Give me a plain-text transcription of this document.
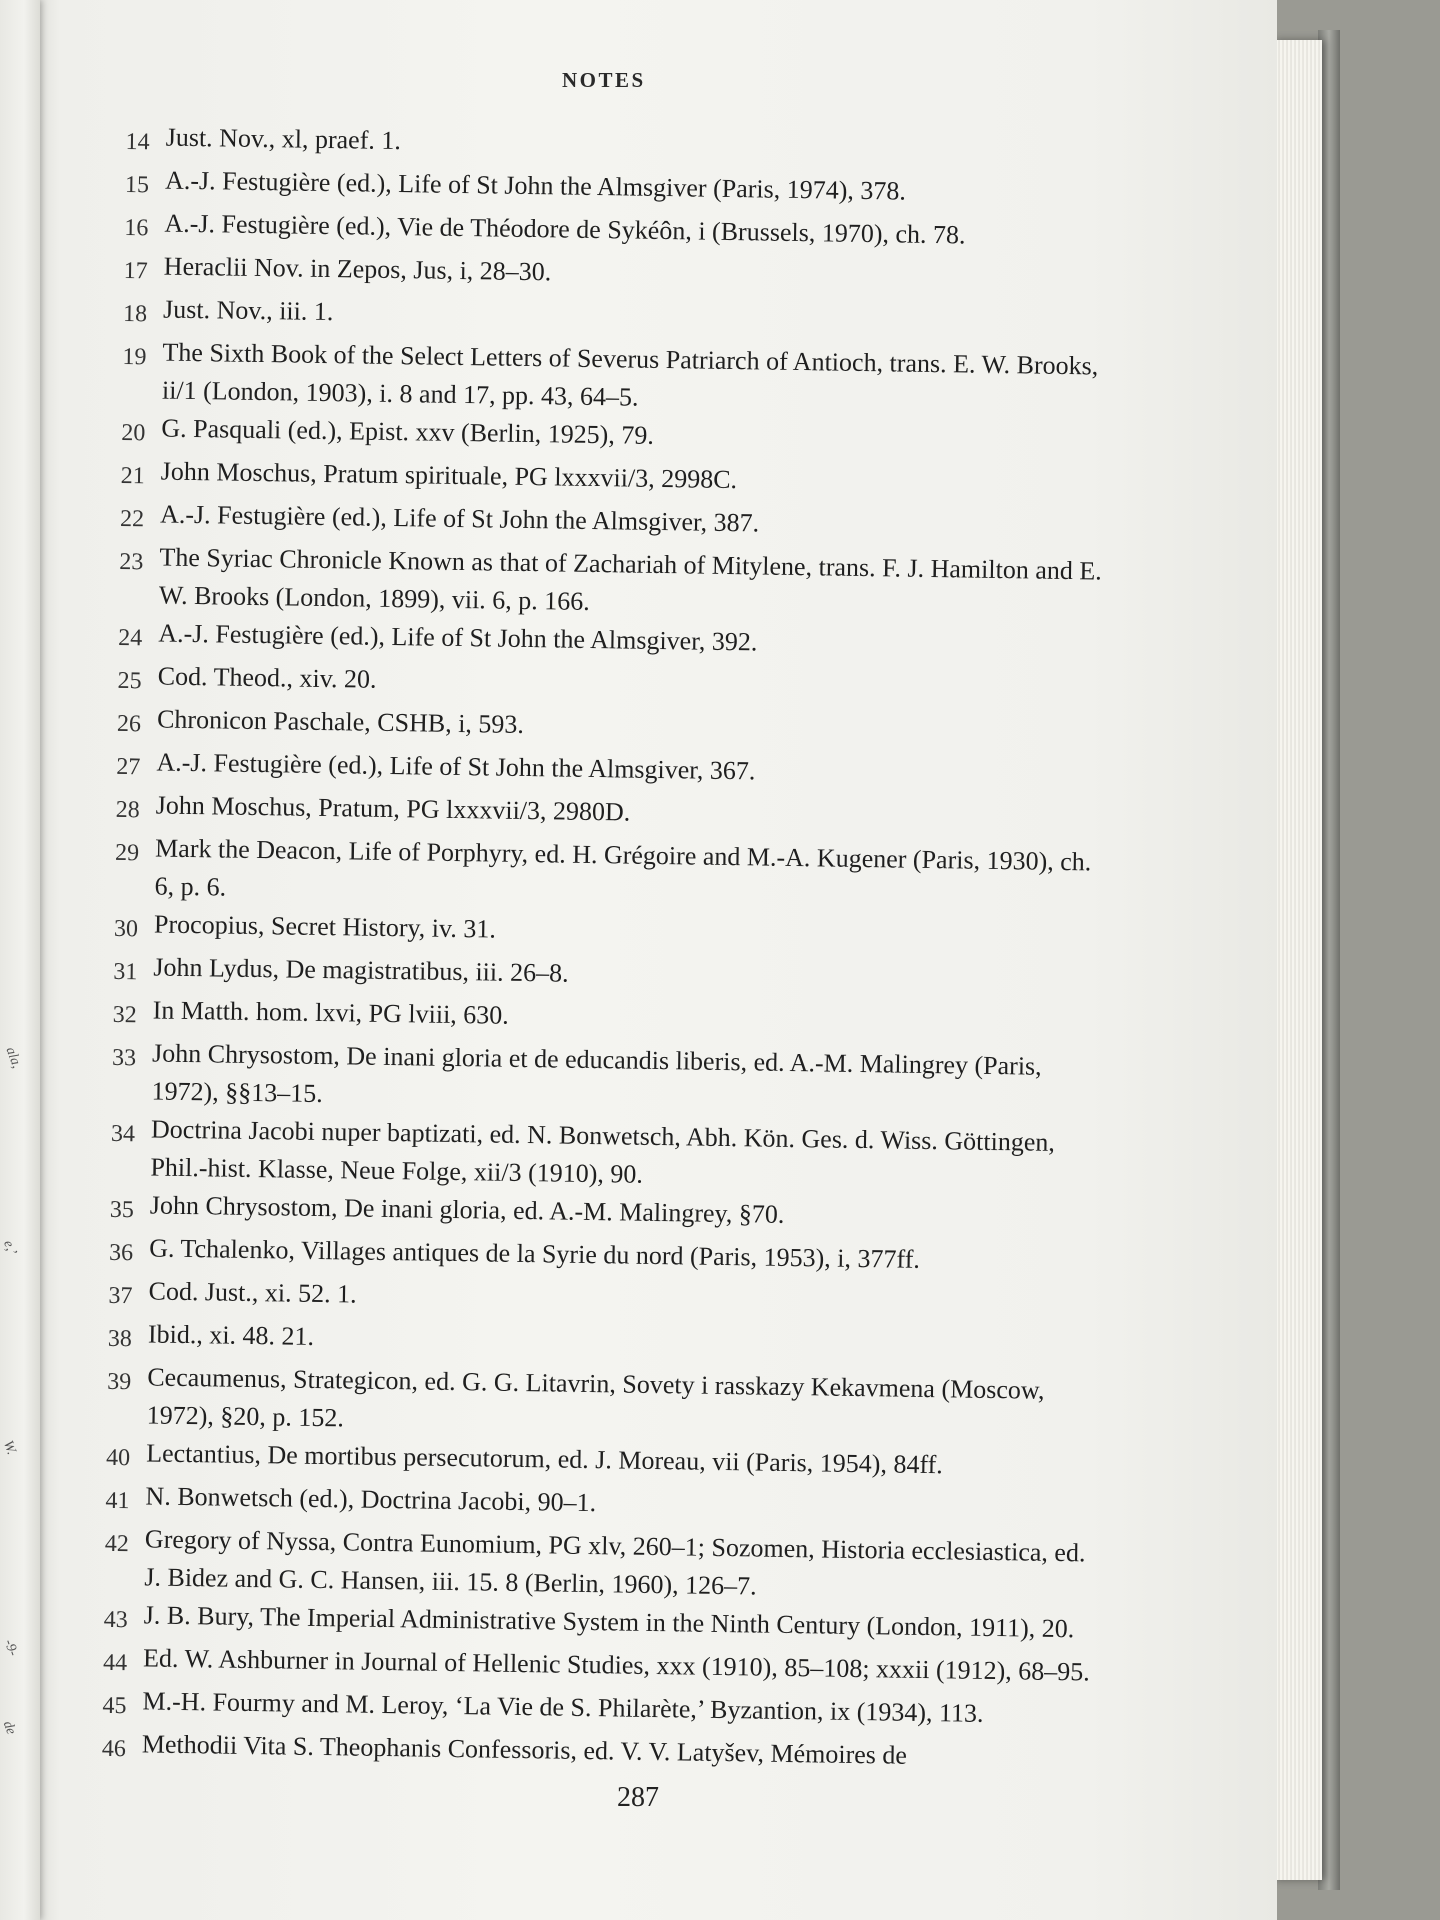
NOTES
14 Just. Nov., xl, praef. 1.
15 A.-J. Festugière (ed.), Life of St John the Almsgiver (Paris, 1974), 378.
16 A.-J. Festugière (ed.), Vie de Théodore de Sykéôn, i (Brussels, 1970), ch. 78.
17 Heraclii Nov. in Zepos, Jus, i, 28–30.
18 Just. Nov., iii. 1.
19 The Sixth Book of the Select Letters of Severus Patriarch of Antioch, trans. E. W. Brooks, ii/1 (London, 1903), i. 8 and 17, pp. 43, 64–5.
20 G. Pasquali (ed.), Epist. xxv (Berlin, 1925), 79.
21 John Moschus, Pratum spirituale, PG lxxxvii/3, 2998C.
22 A.-J. Festugière (ed.), Life of St John the Almsgiver, 387.
23 The Syriac Chronicle Known as that of Zachariah of Mitylene, trans. F. J. Hamilton and E. W. Brooks (London, 1899), vii. 6, p. 166.
24 A.-J. Festugière (ed.), Life of St John the Almsgiver, 392.
25 Cod. Theod., xiv. 20.
26 Chronicon Paschale, CSHB, i, 593.
27 A.-J. Festugière (ed.), Life of St John the Almsgiver, 367.
28 John Moschus, Pratum, PG lxxxvii/3, 2980D.
29 Mark the Deacon, Life of Porphyry, ed. H. Grégoire and M.-A. Kugener (Paris, 1930), ch. 6, p. 6.
30 Procopius, Secret History, iv. 31.
31 John Lydus, De magistratibus, iii. 26–8.
32 In Matth. hom. lxvi, PG lviii, 630.
33 John Chrysostom, De inani gloria et de educandis liberis, ed. A.-M. Malingrey (Paris, 1972), §§13–15.
34 Doctrina Jacobi nuper baptizati, ed. N. Bonwetsch, Abh. Kön. Ges. d. Wiss. Göttingen, Phil.-hist. Klasse, Neue Folge, xii/3 (1910), 90.
35 John Chrysostom, De inani gloria, ed. A.-M. Malingrey, §70.
36 G. Tchalenko, Villages antiques de la Syrie du nord (Paris, 1953), i, 377ff.
37 Cod. Just., xi. 52. 1.
38 Ibid., xi. 48. 21.
39 Cecaumenus, Strategicon, ed. G. G. Litavrin, Sovety i rasskazy Kekavmena (Moscow, 1972), §20, p. 152.
40 Lectantius, De mortibus persecutorum, ed. J. Moreau, vii (Paris, 1954), 84ff.
41 N. Bonwetsch (ed.), Doctrina Jacobi, 90–1.
42 Gregory of Nyssa, Contra Eunomium, PG xlv, 260–1; Sozomen, Historia ecclesiastica, ed. J. Bidez and G. C. Hansen, iii. 15. 8 (Berlin, 1960), 126–7.
43 J. B. Bury, The Imperial Administrative System in the Ninth Century (London, 1911), 20.
44 Ed. W. Ashburner in Journal of Hellenic Studies, xxx (1910), 85–108; xxxii (1912), 68–95.
45 M.-H. Fourmy and M. Leroy, ‘La Vie de S. Philarète,’ Byzantion, ix (1934), 113.
46 Methodii Vita S. Theophanis Confessoris, ed. V. V. Latyšev, Mémoires de
287
ala,
e,’
W.
-9-
de
